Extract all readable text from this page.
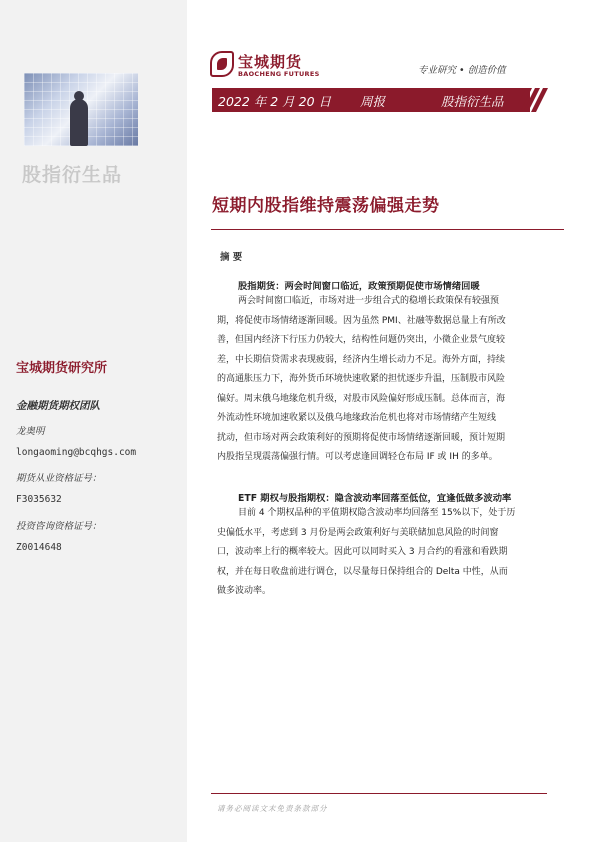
股指衍生品
宝城期货研究所
金融期货期权团队
龙奥明
longaoming@bcqhgs.com
期货从业资格证号：
F3035632
投资咨询资格证号：
Z0014648
宝城期货
BAOCHENG FUTURES	专业研究 • 创造价值
2022 年 2 月 20 日 周报	股指衍生品
短期内股指维持震荡偏强走势
摘 要
股指期货：两会时间窗口临近，政策预期促使市场情绪回暖
两会时间窗口临近，市场对进一步组合式的稳增长政策保有较强预
期，将促使市场情绪逐渐回暖。因为虽然 PMI、社融等数据总量上有所改
善，但国内经济下行压力仍较大，结构性问题仍突出，小微企业景气度较
差，中长期信贷需求表现疲弱，经济内生增长动力不足。海外方面，持续
的高通胀压力下，海外货币环境快速收紧的担忧逐步升温，压制股市风险
偏好。周末俄乌地缘危机升级，对股市风险偏好形成压制。总体而言，海
外流动性环境加速收紧以及俄乌地缘政治危机也将对市场情绪产生短线
扰动，但市场对两会政策利好的预期将促使市场情绪逐渐回暖，预计短期
内股指呈现震荡偏强行情。可以考虑逢回调轻仓布局 IF 或 IH 的多单。
ETF 期权与股指期权：隐含波动率回落至低位，宜逢低做多波动率
目前 4 个期权品种的平值期权隐含波动率均回落至 15%以下，处于历
史偏低水平，考虑到 3 月份是两会政策利好与美联储加息风险的时间窗
口，波动率上行的概率较大。因此可以同时买入 3 月合约的看涨和看跌期
权，并在每日收盘前进行调仓，以尽量每日保持组合的 Delta 中性，从而
做多波动率。
请务必阅读文末免责条款部分
